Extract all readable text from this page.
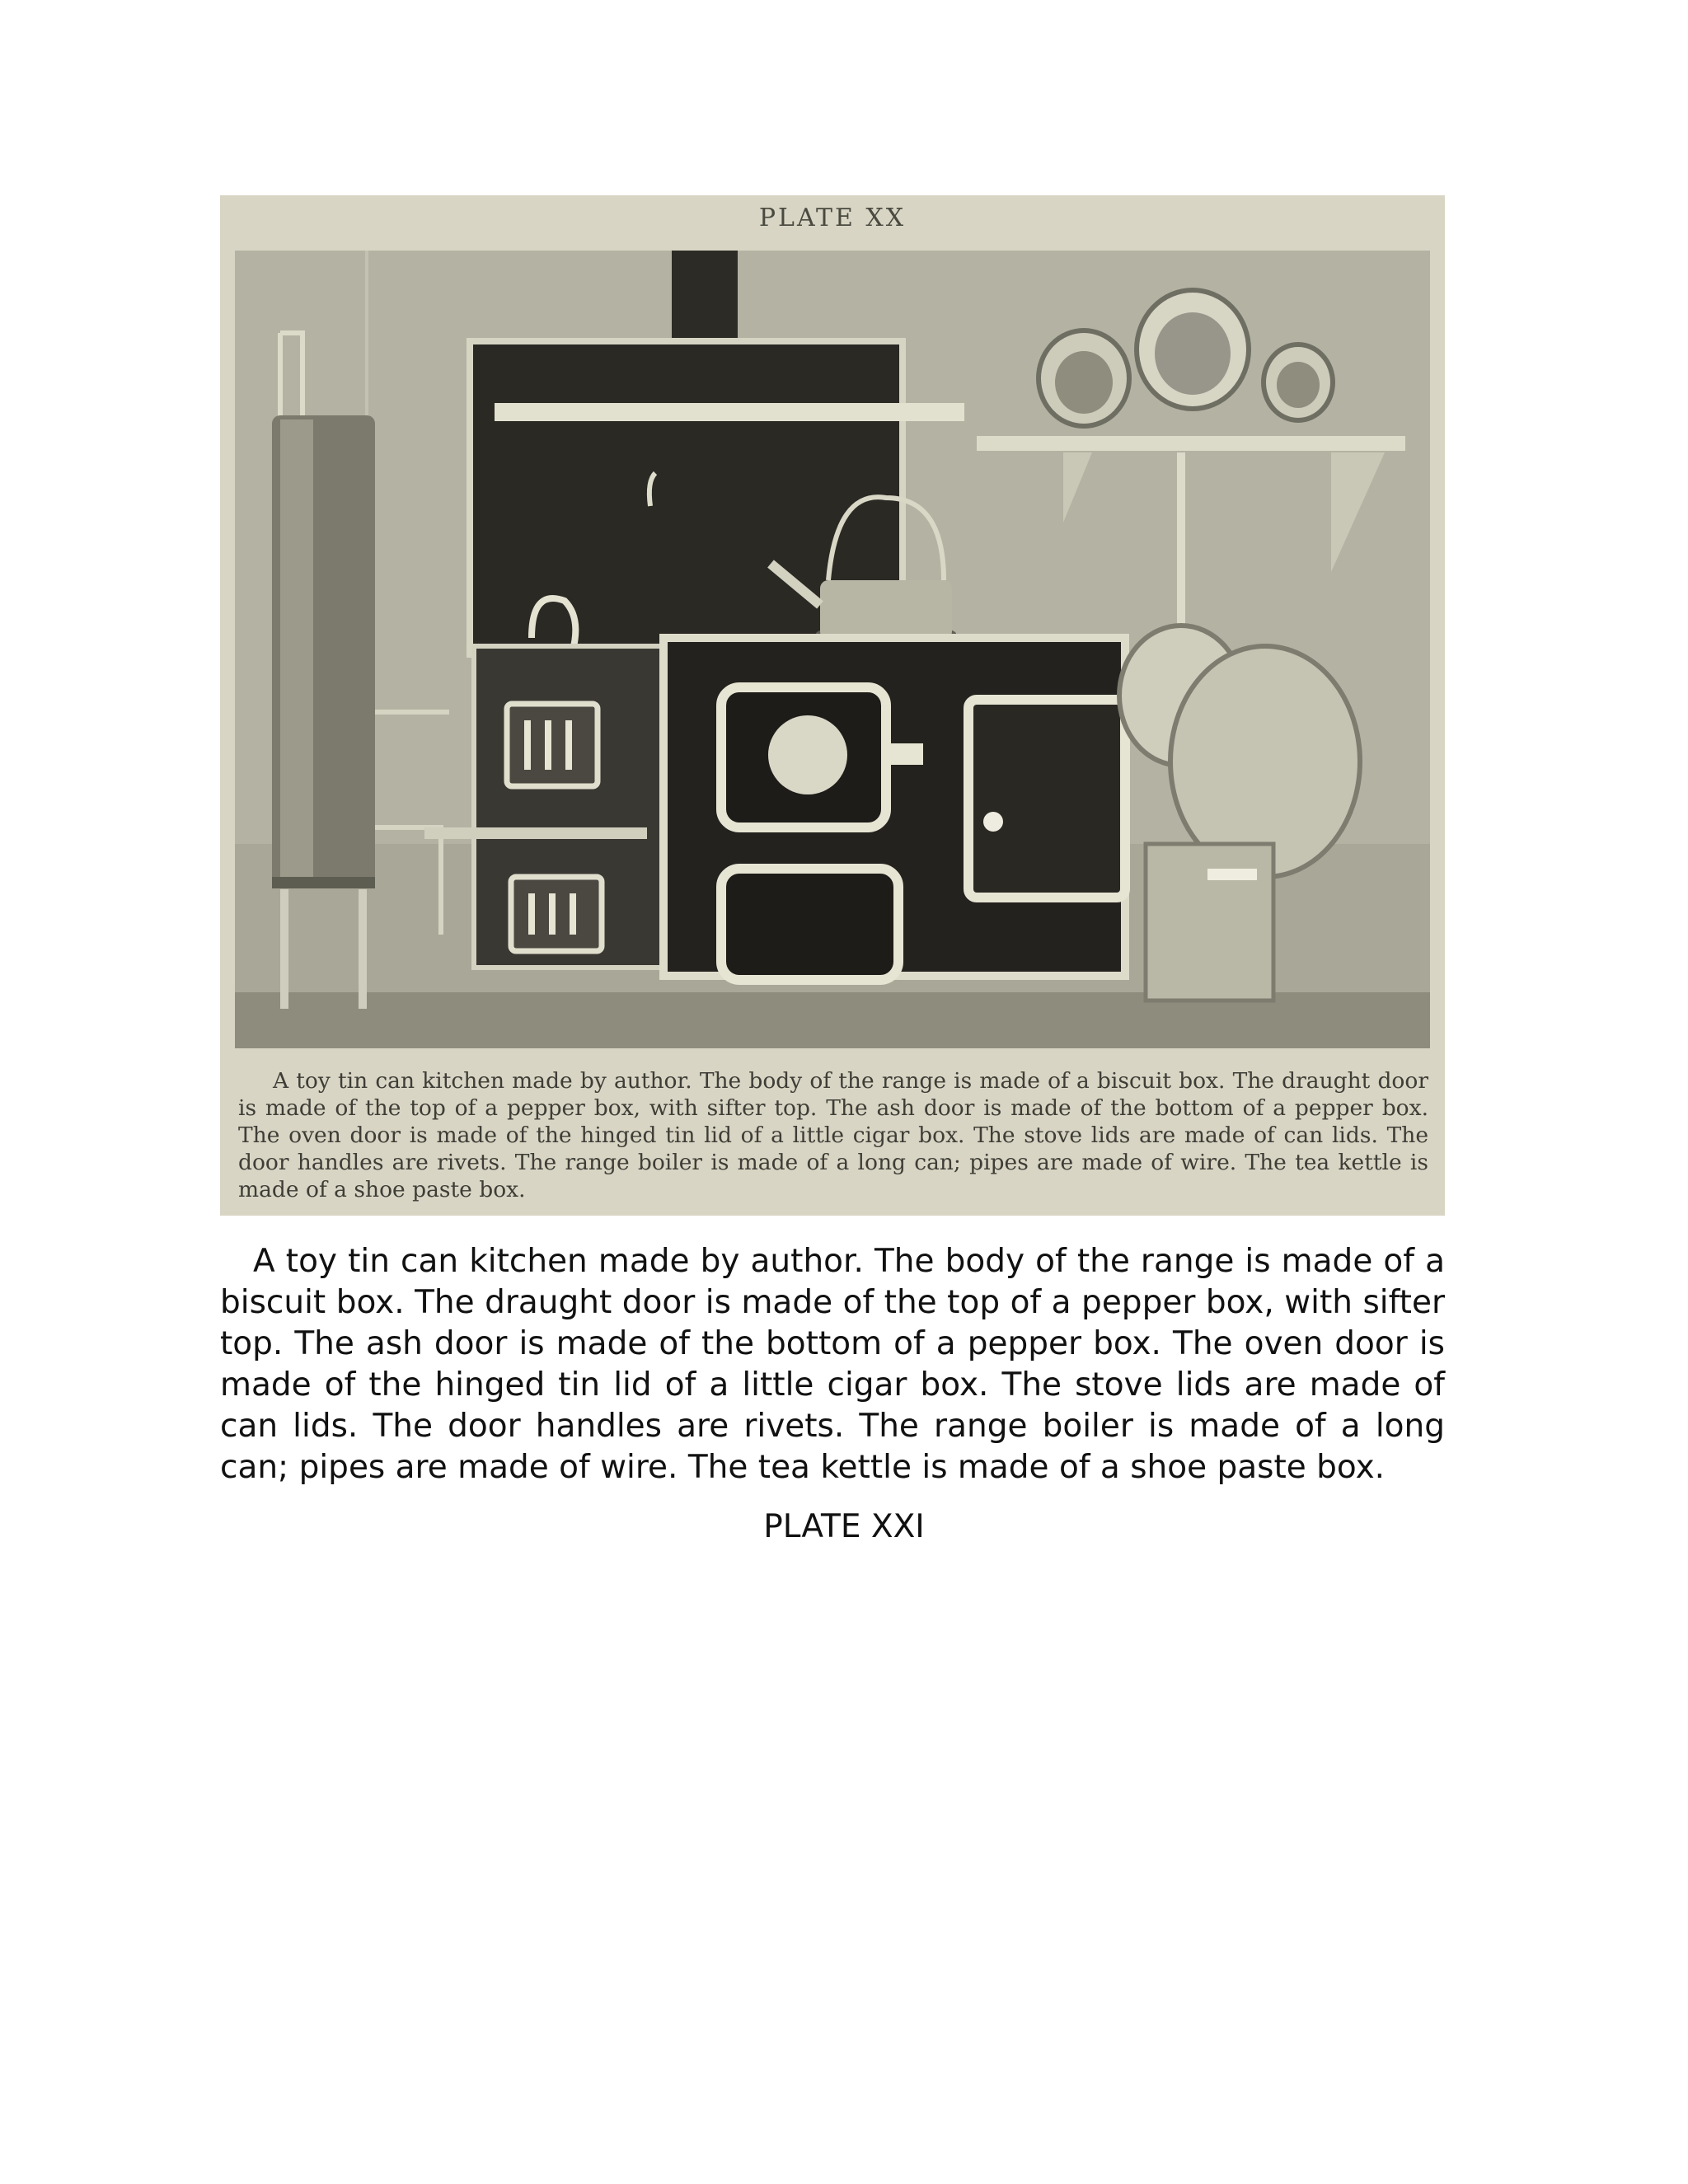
PLATE XX
A toy tin can kitchen made by author. The body of the range is made of a biscuit box. The draught door is made of the top of a pepper box, with sifter top. The ash door is made of the bottom of a pepper box. The oven door is made of the hinged tin lid of a little cigar box. The stove lids are made of can lids. The door handles are rivets. The range boiler is made of a long can; pipes are made of wire. The tea kettle is made of a shoe paste box.

A toy tin can kitchen made by author. The body of the range is made of a biscuit box. The draught door is made of the top of a pepper box, with sifter top. The ash door is made of the bottom of a pepper box. The oven door is made of the hinged tin lid of a little cigar box. The stove lids are made of can lids. The door handles are rivets. The range boiler is made of a long can; pipes are made of wire. The tea kettle is made of a shoe paste box.

PLATE XXI
